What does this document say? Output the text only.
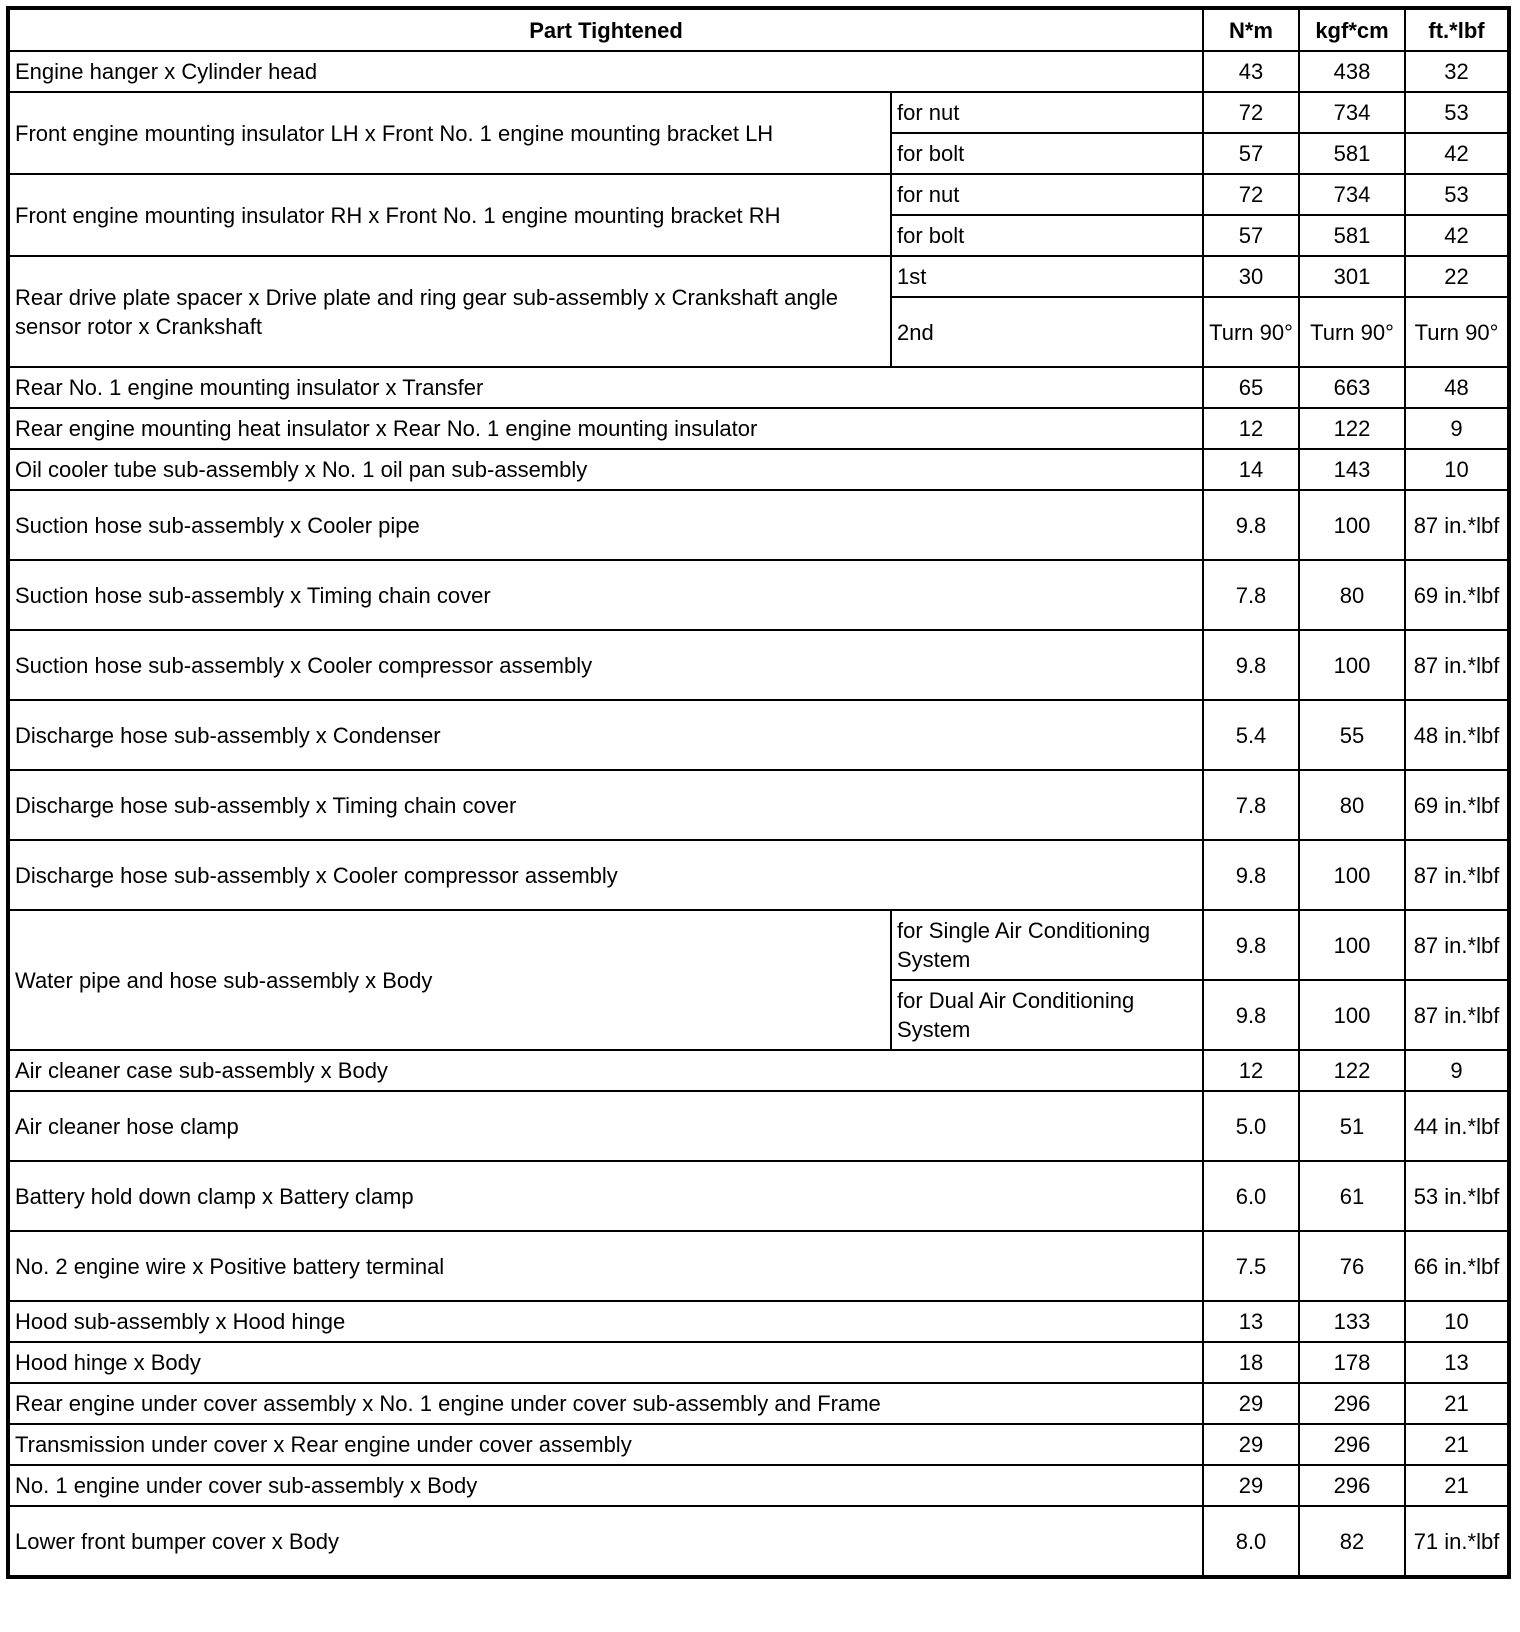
Part Tightened		N*m	kgf*cm	ft.*lbf
Engine hanger x Cylinder head		43	438	32
Front engine mounting insulator LH x Front No. 1 engine mounting bracket LH	for nut	72	734	53
	for bolt	57	581	42
Front engine mounting insulator RH x Front No. 1 engine mounting bracket RH	for nut	72	734	53
	for bolt	57	581	42
Rear drive plate spacer x Drive plate and ring gear sub-assembly x Crankshaft angle sensor rotor x Crankshaft	1st	30	301	22
	2nd	Turn 90°	Turn 90°	Turn 90°
Rear No. 1 engine mounting insulator x Transfer		65	663	48
Rear engine mounting heat insulator x Rear No. 1 engine mounting insulator		12	122	9
Oil cooler tube sub-assembly x No. 1 oil pan sub-assembly		14	143	10
Suction hose sub-assembly x Cooler pipe		9.8	100	87 in.*lbf
Suction hose sub-assembly x Timing chain cover		7.8	80	69 in.*lbf
Suction hose sub-assembly x Cooler compressor assembly		9.8	100	87 in.*lbf
Discharge hose sub-assembly x Condenser		5.4	55	48 in.*lbf
Discharge hose sub-assembly x Timing chain cover		7.8	80	69 in.*lbf
Discharge hose sub-assembly x Cooler compressor assembly		9.8	100	87 in.*lbf
Water pipe and hose sub-assembly x Body	for Single Air Conditioning System	9.8	100	87 in.*lbf
	for Dual Air Conditioning System	9.8	100	87 in.*lbf
Air cleaner case sub-assembly x Body		12	122	9
Air cleaner hose clamp		5.0	51	44 in.*lbf
Battery hold down clamp x Battery clamp		6.0	61	53 in.*lbf
No. 2 engine wire x Positive battery terminal		7.5	76	66 in.*lbf
Hood sub-assembly x Hood hinge		13	133	10
Hood hinge x Body		18	178	13
Rear engine under cover assembly x No. 1 engine under cover sub-assembly and Frame		29	296	21
Transmission under cover x Rear engine under cover assembly		29	296	21
No. 1 engine under cover sub-assembly x Body		29	296	21
Lower front bumper cover x Body		8.0	82	71 in.*lbf
